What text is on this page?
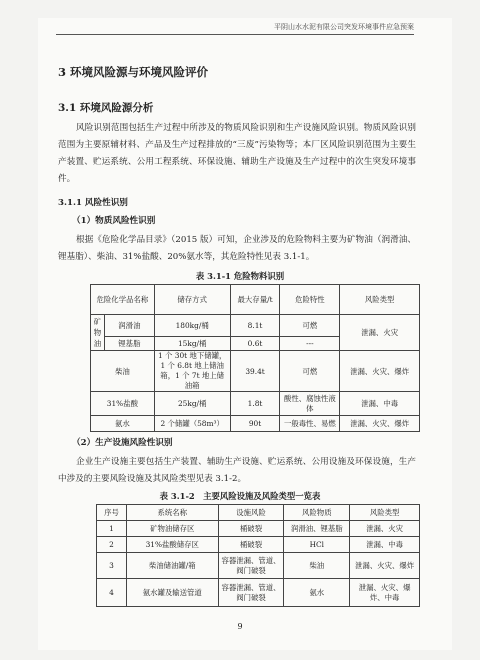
平阴山水水泥有限公司突发环境事件应急预案
3 环境风险源与环境风险评价
3.1 环境风险源分析
风险识别范围包括生产过程中所涉及的物质风险识别和生产设施风险识别。物质风险识别范围为主要原辅材料、产品及生产过程排放的“三废”污染物等；本厂区风险识别范围为主要生产装置、贮运系统、公用工程系统、环保设施、辅助生产设施及生产过程中的次生突发环境事件。
3.1.1 风险性识别
（1）物质风险性识别
根据《危险化学品目录》（2015 版）可知，企业涉及的危险物料主要为矿物油（润滑油、锂基脂）、柴油、31%盐酸、20%氨水等，其危险特性见表 3.1-1。
表 3.1-1 危险物料识别
危险化学品名称		储存方式	最大存量/t	危险特性	风险类型
矿物油	润滑油	180kg/桶	8.1t	可燃	泄漏、火灾
	锂基脂	15kg/桶	0.6t	---	
柴油		1 个 30t 地下储罐，1 个 6.8t 地上储油箱，1 个 7t 地上储油箱	39.4t	可燃	泄漏、火灾、爆炸
31%盐酸		25kg/桶	1.8t	酸性、腐蚀性液体	泄漏、中毒
氨水		2 个储罐（58m³）	90t	一般毒性、易燃	泄漏、火灾、爆炸
（2）生产设施风险性识别
企业生产设施主要包括生产装置、辅助生产设施、贮运系统、公用设施及环保设施，生产中涉及的主要风险设施及其风险类型见表 3.1-2。
表 3.1-2　主要风险设施及风险类型一览表
序号	系统名称	设施风险	风险物质	风险类型
1	矿物油储存区	桶破裂	润滑油、锂基脂	泄漏、火灾
2	31%盐酸储存区	桶破裂	HCl	泄漏、中毒
3	柴油储油罐/箱	容器泄漏、管道、阀门破裂	柴油	泄漏、火灾、爆炸
4	氨水罐及输送管道	容器泄漏、管道、阀门破裂	氨水	泄漏、火灾、爆炸、中毒
9
